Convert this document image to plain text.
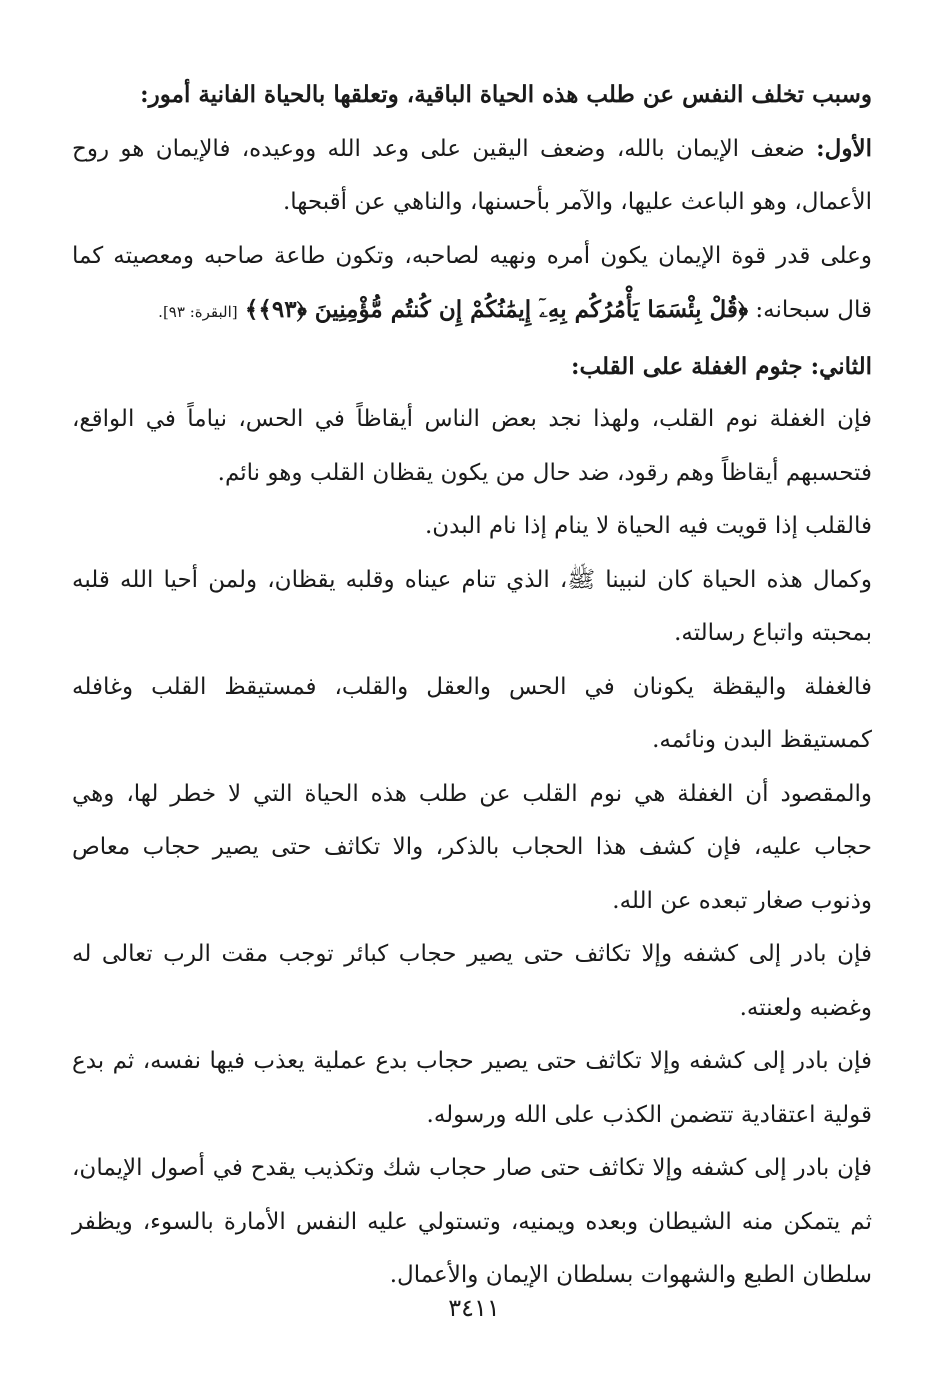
وسبب تخلف النفس عن طلب هذه الحياة الباقية، وتعلقها بالحياة الفانية أمور:

الأول: ضعف الإيمان بالله، وضعف اليقين على وعد الله ووعيده، فالإيمان هو روح الأعمال، وهو الباعث عليها، والآمر بأحسنها، والناهي عن أقبحها.

وعلى قدر قوة الإيمان يكون أمره ونهيه لصاحبه، وتكون طاعة صاحبه ومعصيته كما قال سبحانه: ﴿قُلْ بِئْسَمَا يَأْمُرُكُم بِهِۦٓ إِيمَٰنُكُمْ إِن كُنتُم مُّؤْمِنِينَ ﴿٩٣﴾﴾ [البقرة: ٩٣].

الثاني: جثوم الغفلة على القلب:

فإن الغفلة نوم القلب، ولهذا نجد بعض الناس أيقاظاً في الحس، نياماً في الواقع، فتحسبهم أيقاظاً وهم رقود، ضد حال من يكون يقظان القلب وهو نائم.

فالقلب إذا قويت فيه الحياة لا ينام إذا نام البدن.

وكمال هذه الحياة كان لنبينا ﷺ، الذي تنام عيناه وقلبه يقظان، ولمن أحيا الله قلبه بمحبته واتباع رسالته.

فالغفلة واليقظة يكونان في الحس والعقل والقلب، فمستيقظ القلب وغافله كمستيقظ البدن ونائمه.

والمقصود أن الغفلة هي نوم القلب عن طلب هذه الحياة التي لا خطر لها، وهي حجاب عليه، فإن كشف هذا الحجاب بالذكر، والا تكاثف حتى يصير حجاب معاص وذنوب صغار تبعده عن الله.

فإن بادر إلى كشفه وإلا تكاثف حتى يصير حجاب كبائر توجب مقت الرب تعالى له وغضبه ولعنته.

فإن بادر إلى كشفه وإلا تكاثف حتى يصير حجاب بدع عملية يعذب فيها نفسه، ثم بدع قولية اعتقادية تتضمن الكذب على الله ورسوله.

فإن بادر إلى كشفه وإلا تكاثف حتى صار حجاب شك وتكذيب يقدح في أصول الإيمان، ثم يتمكن منه الشيطان وبعده ويمنيه، وتستولي عليه النفس الأمارة بالسوء، ويظفر سلطان الطبع والشهوات بسلطان الإيمان والأعمال.

٣٤١١
